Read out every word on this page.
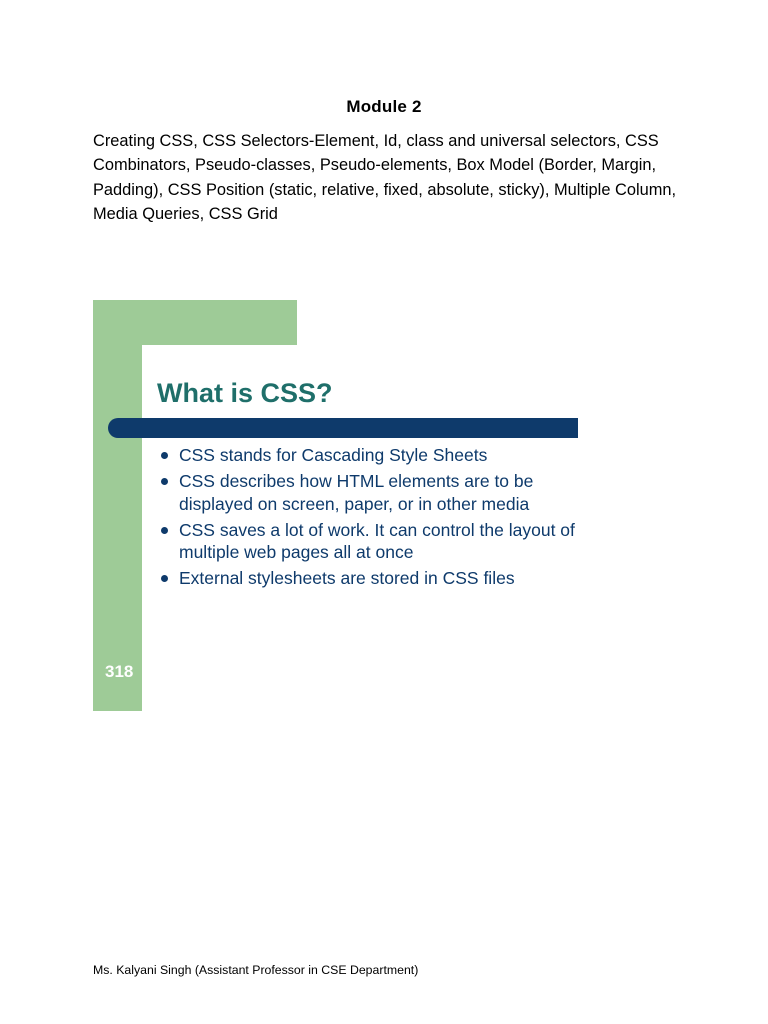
Module 2
Creating CSS, CSS Selectors-Element, Id, class and universal selectors, CSS Combinators, Pseudo-classes, Pseudo-elements, Box Model (Border, Margin, Padding), CSS Position (static, relative, fixed, absolute, sticky), Multiple Column, Media Queries, CSS Grid
What is CSS?
CSS stands for Cascading Style Sheets
CSS describes how HTML elements are to be displayed on screen, paper, or in other media
CSS saves a lot of work. It can control the layout of multiple web pages all at once
External stylesheets are stored in CSS files
318
Ms. Kalyani Singh (Assistant Professor in CSE Department)
